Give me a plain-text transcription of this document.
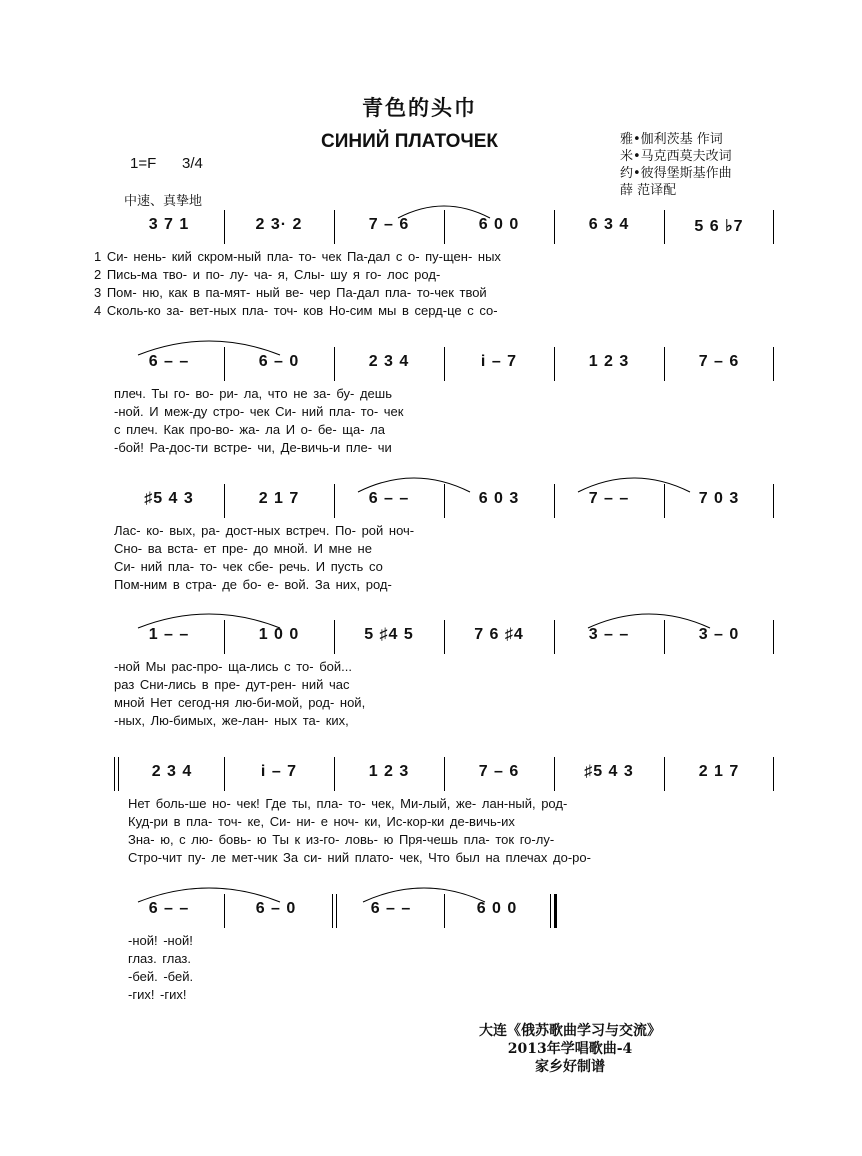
青色的头巾
СИНИЙ ПЛАТОЧЕК
1=F 3/4
中速、真挚地
雅•伽利茨基 作词
米•马克西莫夫改词
约•彼得堡斯基作曲
薛 范译配
3 7 1	2 3· 2	7 – 6	6 0 0	6 3 4	5 6 ♭7
1 Си- нень- кий скром-ный пла- то- чек Па-дал с о- пу-щен- ных
2 Пись-ма тво- и по- лу- ча- я, Слы- шу я го- лос род-
3 Пом- ню, как в па-мят- ный ве- чер Па-дал пла- то-чек твой
4 Сколь-ко за- вет-ных пла- точ- ков Но-сим мы в серд-це с со-
6 – –	6 – 0	2 3 4	i – 7	1 2 3	7 – 6
плеч. Ты го- во- ри- ла, что не за- бу- дешь
-ной. И меж-ду стро- чек Си- ний пла- то- чек
с плеч. Как про-во- жа- ла И о- бе- ща- ла
-бой! Ра-дос-ти встре- чи, Де-вичь-и пле- чи
♯5 4 3	2 1 7	6 – –	6 0 3	7 – –	7 0 3
Лас- ко- вых, ра- дост-ных встреч. По- рой ноч-
Сно- ва вста- ет пре- до мной. И мне не
Си- ний пла- то- чек сбе- речь. И пусть со
Пом-ним в стра- де бо- е- вой. За них, род-
1 – –	1 0 0	5 ♯4 5	7 6 ♯4	3 – –	3 – 0
-ной Мы рас-про- ща-лись с то- бой...
раз Сни-лись в пре- дут-рен- ний час
мной Нет сегод-ня лю-би-мой, род- ной,
-ных, Лю-бимых, же-лан- ных та- ких,
2 3 4	i – 7	1 2 3	7 – 6	♯5 4 3	2 1 7
Нет боль-ше но- чек! Где ты, пла- то- чек, Ми-лый, же- лан-ный, род-
Куд-ри в пла- точ- ке, Си- ни- е ноч- ки, Ис-кор-ки де-вичь-их
Зна- ю, с лю- бовь- ю Ты к из-го- ловь- ю Пря-чешь пла- ток го-лу-
Стро-чит пу- ле мет-чик За си- ний плато- чек, Что был на плечах до-ро-
6 – –	6 – 0	6 – –	6 0 0
-ной! -ной!
глаз. глаз.
-бей. -бей.
-гих! -гих!
大连《俄苏歌曲学习与交流》
2013年学唱歌曲-4
家乡好制谱
